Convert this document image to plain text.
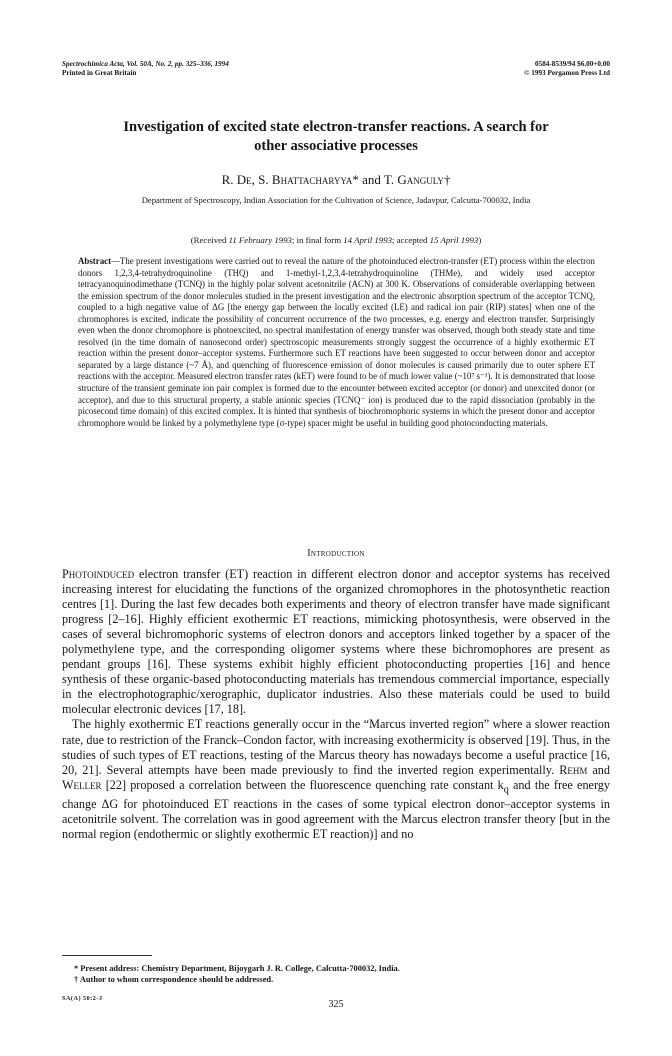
Spectrochimica Acta, Vol. 50A, No. 2, pp. 325–336, 1994
Printed in Great Britain
0584-8539/94 $6.00+0.00
© 1993 Pergamon Press Ltd
Investigation of excited state electron-transfer reactions. A search for
other associative processes
R. De, S. Bhattacharyya* and T. Ganguly†
Department of Spectroscopy, Indian Association for the Cultivation of Science, Jadavpur, Calcutta-700032, India
(Received 11 February 1993; in final form 14 April 1993; accepted 15 April 1993)
Abstract—The present investigations were carried out to reveal the nature of the photoinduced electron-transfer (ET) process within the electron donors 1,2,3,4-tetrahydroquinoline (THQ) and 1-methyl-1,2,3,4-tetrahydroquinoline (THMe), and widely used acceptor tetracyanoquinodimethane (TCNQ) in the highly polar solvent acetonitrile (ACN) at 300 K. Observations of considerable overlapping between the emission spectrum of the donor molecules studied in the present investigation and the electronic absorption spectrum of the acceptor TCNQ, coupled to a high negative value of ΔG [the energy gap between the locally excited (LE) and radical ion pair (RIP) states] when one of the chromophores is excited, indicate the possibility of concurrent occurrence of the two processes, e.g. energy and electron transfer. Surprisingly even when the donor chromophore is photoexcited, no spectral manifestation of energy transfer was observed, though both steady state and time resolved (in the time domain of nanosecond order) spectroscopic measurements strongly suggest the occurrence of a highly exothermic ET reaction within the present donor–acceptor systems. Furthermore such ET reactions have been suggested to occur between donor and acceptor separated by a large distance (~7 Å), and quenching of fluorescence emission of donor molecules is caused primarily due to outer sphere ET reactions with the acceptor. Measured electron transfer rates (kET) were found to be of much lower value (~10⁷ s⁻¹). It is demonstrated that loose structure of the transient geminate ion pair complex is formed due to the encounter between excited acceptor (or donor) and unexcited donor (or acceptor), and due to this structural property, a stable anionic species (TCNQ⁻ ion) is produced due to the rapid dissociation (probably in the picosecond time domain) of this excited complex. It is hinted that synthesis of biochromophoric systems in which the present donor and acceptor chromophore would be linked by a polymethylene type (σ-type) spacer might be useful in building good photoconducting materials.
Introduction

Photoinduced electron transfer (ET) reaction in different electron donor and acceptor systems has received increasing interest for elucidating the functions of the organized chromophores in the photosynthetic reaction centres [1]. During the last few decades both experiments and theory of electron transfer have made significant progress [2–16]. Highly efficient exothermic ET reactions, mimicking photosynthesis, were observed in the cases of several bichromophoric systems of electron donors and acceptors linked together by a spacer of the polymethylene type, and the corresponding oligomer systems where these bichromophores are present as pendant groups [16]. These systems exhibit highly efficient photoconducting properties [16] and hence synthesis of these organic-based photoconducting materials has tremendous commercial importance, especially in the electrophotographic/xerographic, duplicator industries. Also these materials could be used to build molecular electronic devices [17, 18].

The highly exothermic ET reactions generally occur in the “Marcus inverted region” where a slower reaction rate, due to restriction of the Franck–Condon factor, with increasing exothermicity is observed [19]. Thus, in the studies of such types of ET reactions, testing of the Marcus theory has nowadays become a useful practice [16, 20, 21]. Several attempts have been made previously to find the inverted region experimentally. Rehm and Weller [22] proposed a correlation between the fluorescence quenching rate constant $k_q$ and the free energy change ΔG for photoinduced ET reactions in the cases of some typical electron donor–acceptor systems in acetonitrile solvent. The correlation was in good agreement with the Marcus electron transfer theory [but in the normal region (endothermic or slightly exothermic ET reaction)] and no

* Present address: Chemistry Department, Bijoygarh J. R. College, Calcutta-700032, India.
† Author to whom correspondence should be addressed.
SA(A) 50:2-J
325
